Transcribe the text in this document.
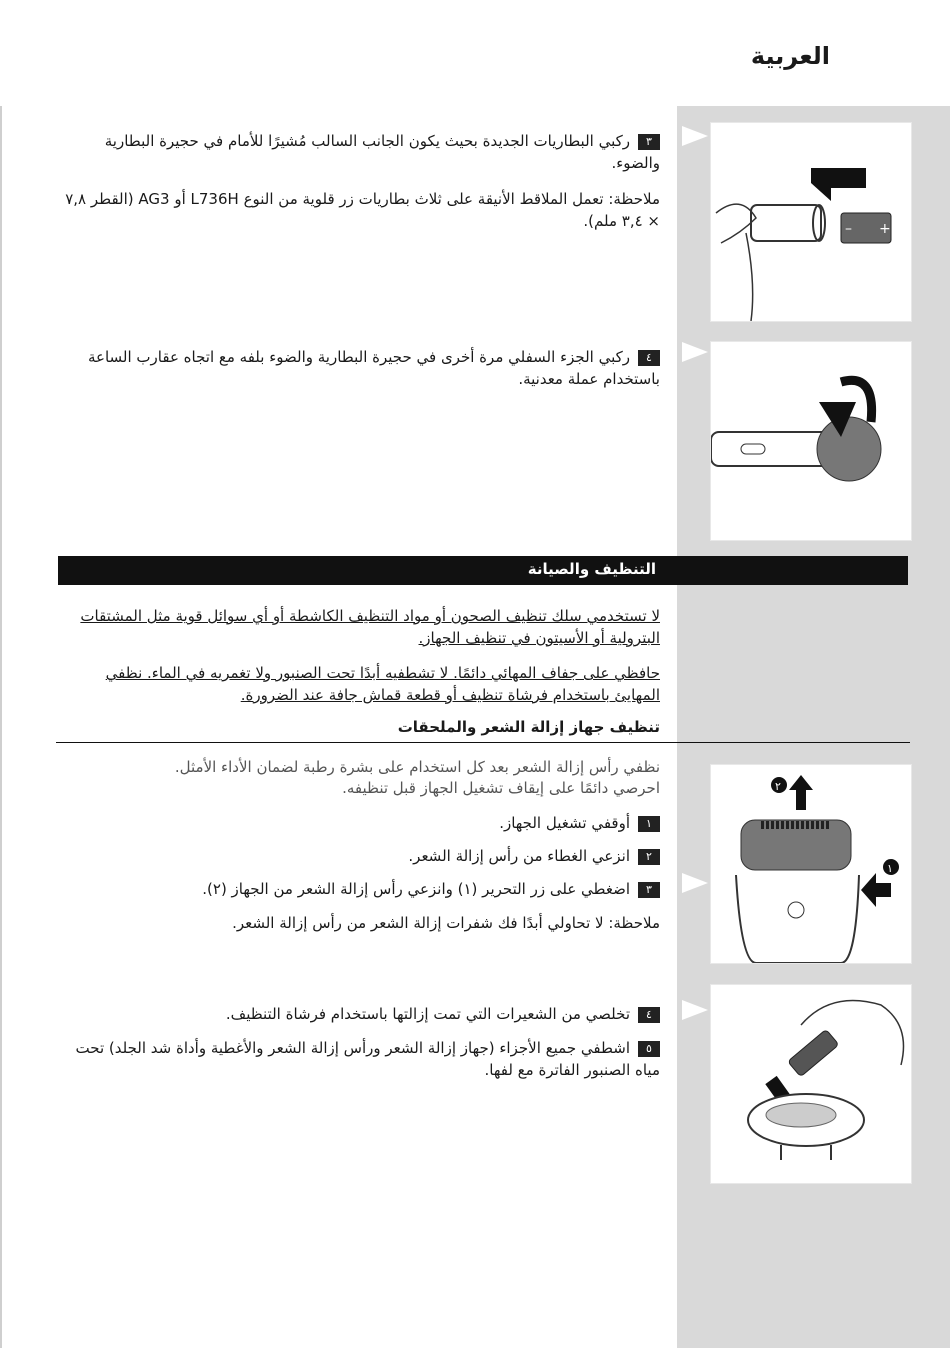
العربية
٣ركبي البطاريات الجديدة بحيث يكون الجانب السالب مُشيرًا للأمام في حجيرة البطارية والضوء.
ملاحظة: تعمل الملاقط الأنيقة على ثلاث بطاريات زر قلوية من النوع L736H أو AG3 (القطر ٧,٨ × ٣,٤ ملم).
٤ركبي الجزء السفلي مرة أخرى في حجيرة البطارية والضوء بلفه مع اتجاه عقارب الساعة باستخدام عملة معدنية.
– +
التنظيف والصيانة
لا تستخدمي سلك تنظيف الصحون أو مواد التنظيف الكاشطة أو أي سوائل قوية مثل المشتقات البترولية أو الأسيتون في تنظيف الجهاز.
حافظي على جفاف المهائي دائمًا. لا تشطفيه أبدًا تحت الصنبور ولا تغمريه في الماء. نظفي المهايئ باستخدام فرشاة تنظيف أو قطعة قماش جافة عند الضرورة.
تنظيف جهاز إزالة الشعر والملحقات
نظفي رأس إزالة الشعر بعد كل استخدام على بشرة رطبة لضمان الأداء الأمثل.
احرصي دائمًا على إيقاف تشغيل الجهاز قبل تنظيفه.
١أوقفي تشغيل الجهاز.
٢انزعي الغطاء من رأس إزالة الشعر.
٣اضغطي على زر التحرير (١) وانزعي رأس إزالة الشعر من الجهاز (٢).
ملاحظة: لا تحاولي أبدًا فك شفرات إزالة الشعر من رأس إزالة الشعر.
٤تخلصي من الشعيرات التي تمت إزالتها باستخدام فرشاة التنظيف.
٥اشطفي جميع الأجزاء (جهاز إزالة الشعر ورأس إزالة الشعر والأغطية وأداة شد الجلد) تحت مياه الصنبور الفاترة مع لفها.
٢
١
